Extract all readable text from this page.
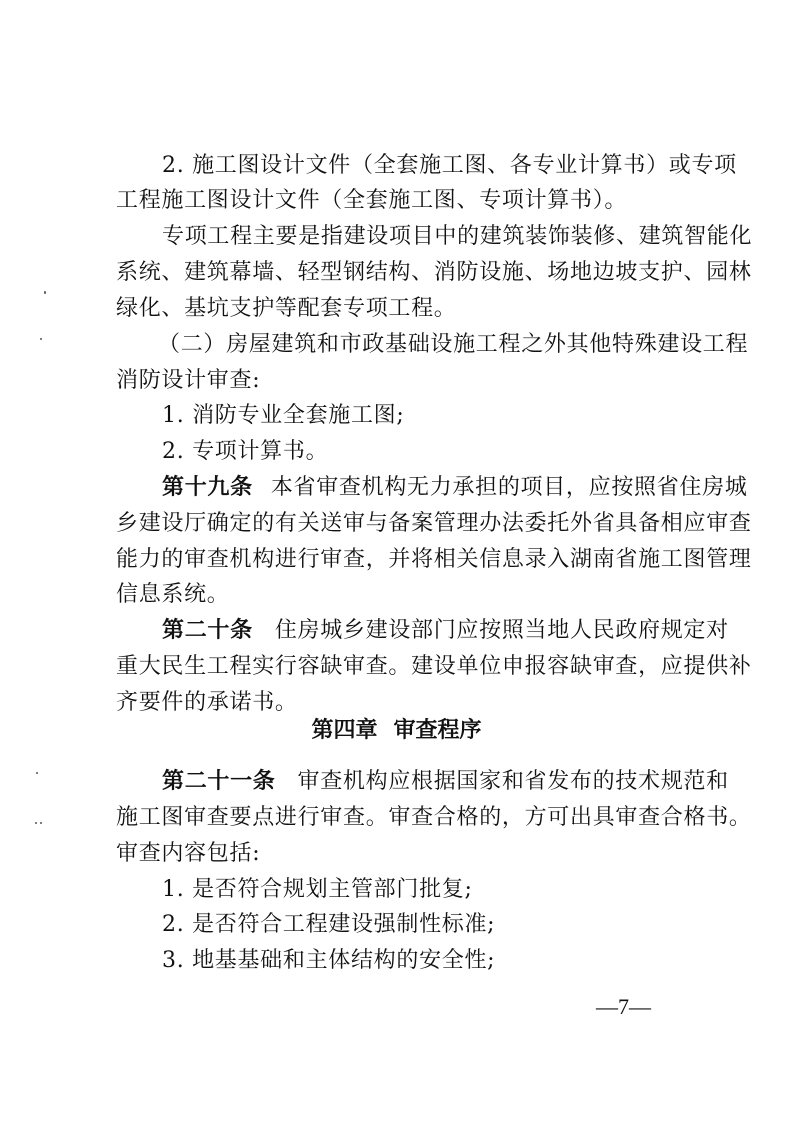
2. 施工图设计文件（全套施工图、各专业计算书）或专项
工程施工图设计文件（全套施工图、专项计算书）。
专项工程主要是指建设项目中的建筑装饰装修、建筑智能化
系统、建筑幕墙、轻型钢结构、消防设施、场地边坡支护、园林
绿化、基坑支护等配套专项工程。
（二）房屋建筑和市政基础设施工程之外其他特殊建设工程
消防设计审查:
1. 消防专业全套施工图;
2. 专项计算书。
第十九条 本省审查机构无力承担的项目，应按照省住房城
乡建设厅确定的有关送审与备案管理办法委托外省具备相应审查
能力的审查机构进行审查，并将相关信息录入湖南省施工图管理
信息系统。
第二十条 住房城乡建设部门应按照当地人民政府规定对
重大民生工程实行容缺审查。建设单位申报容缺审查，应提供补
齐要件的承诺书。
第四章 审查程序
第二十一条 审查机构应根据国家和省发布的技术规范和
施工图审查要点进行审查。审查合格的，方可出具审查合格书。
审查内容包括:
1. 是否符合规划主管部门批复;
2. 是否符合工程建设强制性标准;
3. 地基基础和主体结构的安全性;
—7—
